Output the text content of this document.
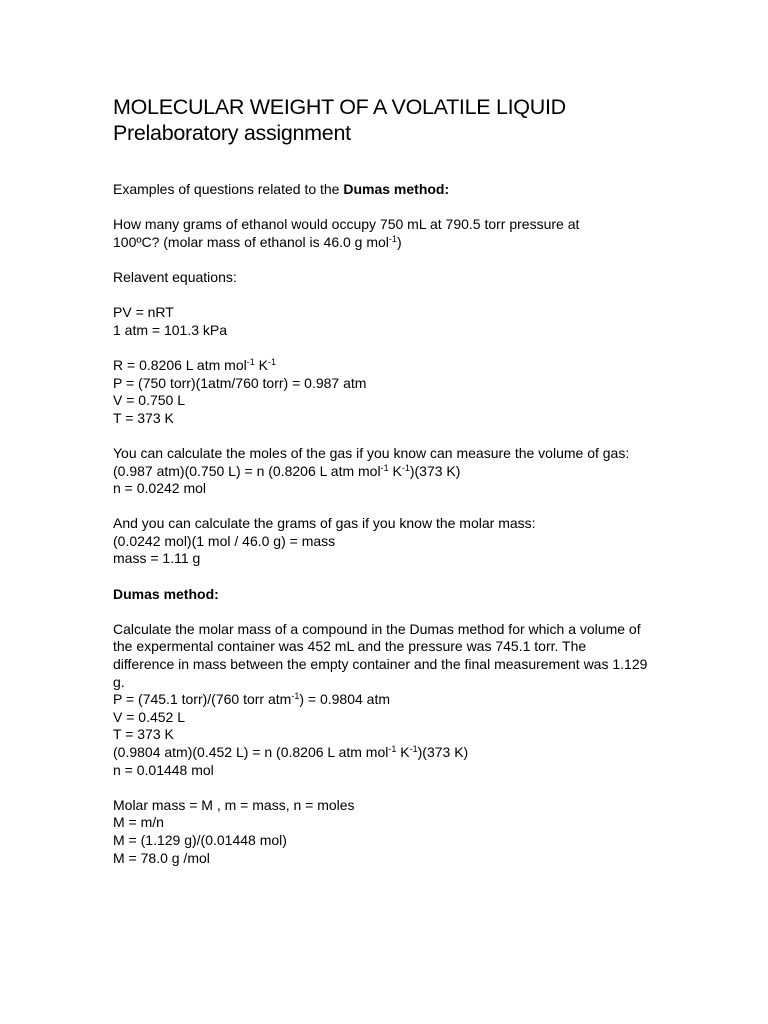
MOLECULAR WEIGHT OF A VOLATILE LIQUID
Prelaboratory assignment
Examples of questions related to the Dumas method:
How many grams of ethanol would occupy 750 mL at 790.5 torr pressure at
100ºC? (molar mass of ethanol is 46.0 g mol$^{-1}$)
Relavent equations:
PV = nRT
1 atm = 101.3 kPa
R = 0.8206 L atm mol$^{-1}$ $K^{-1}$
P = (750 torr)(1atm/760 torr) = 0.987 atm
V = 0.750 L
T = 373 K
You can calculate the moles of the gas if you know can measure the volume of gas:
(0.987 atm)(0.750 L) = n (0.8206 L atm mol$^{-1}$ $K^{-1})(373$ K)
n = 0.0242 mol
And you can calculate the grams of gas if you know the molar mass:
(0.0242 mol)(1 mol / 46.0 g) = mass
mass = 1.11 g
Dumas method:
Calculate the molar mass of a compound in the Dumas method for which a volume of the expermental container was 452 mL and the pressure was 745.1 torr. The difference in mass between the empty container and the final measurement was 1.129 g.
P = (745.1 torr)/(760 torr atm$^{-1}$) = 0.9804 atm
V = 0.452 L
T = 373 K
(0.9804 atm)(0.452 L) = n (0.8206 L atm mol$^{-1}$ $K^{-1})(373$ K)
n = 0.01448 mol
Molar mass = M , m = mass, n = moles
M = m/n
M = (1.129 g)/(0.01448 mol)
M = 78.0 g /mol
